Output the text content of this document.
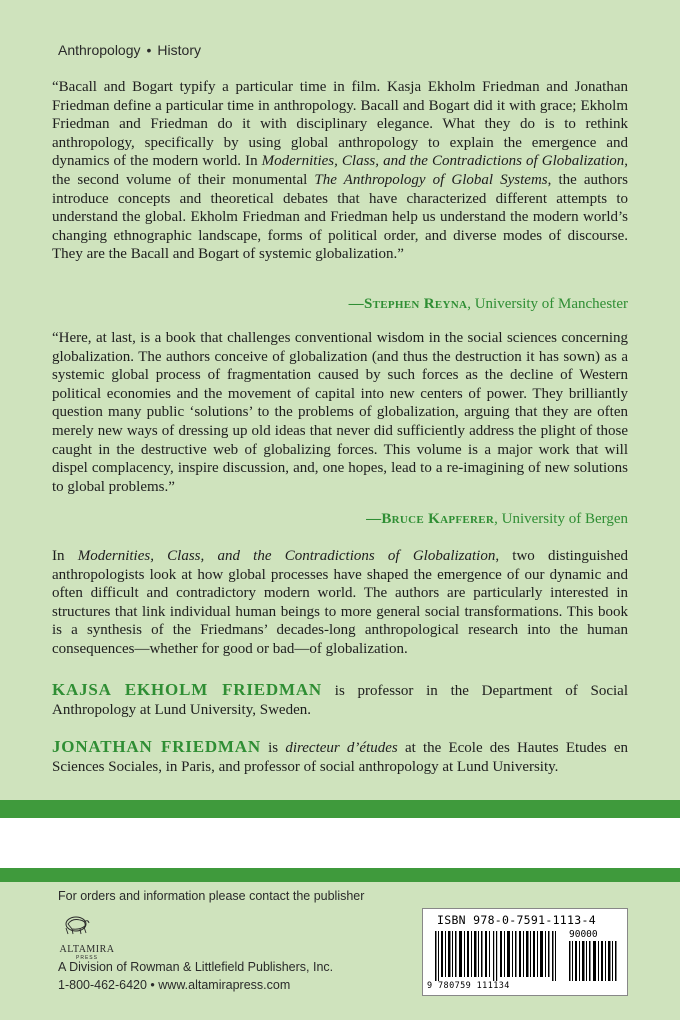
Anthropology • History

“Bacall and Bogart typify a particular time in film. Kasja Ekholm Friedman and Jonathan Friedman define a particular time in anthropology. Bacall and Bogart did it with grace; Ekholm Friedman and Friedman do it with disciplinary elegance. What they do is to rethink anthropology, specifically by using global anthropology to explain the emergence and dynamics of the modern world. In Modernities, Class, and the Contradictions of Globalization, the second volume of their monumental The Anthropology of Global Systems, the authors introduce concepts and theoretical debates that have characterized different attempts to understand the global. Ekholm Friedman and Friedman help us understand the modern world’s changing ethnographic landscape, forms of political order, and diverse modes of discourse. They are the Bacall and Bogart of systemic globalization.”

—Stephen Reyna, University of Manchester

“Here, at last, is a book that challenges conventional wisdom in the social sciences concerning globalization. The authors conceive of globalization (and thus the destruction it has sown) as a systemic global process of fragmentation caused by such forces as the decline of Western political economies and the movement of capital into new centers of power. They brilliantly question many public ‘solutions’ to the problems of globalization, arguing that they are often merely new ways of dressing up old ideas that never did sufficiently address the plight of those caught in the destructive web of globalizing forces. This volume is a major work that will dispel complacency, inspire discussion, and, one hopes, lead to a re-imagining of new solutions to global problems.”

—Bruce Kapferer, University of Bergen

In Modernities, Class, and the Contradictions of Globalization, two distinguished anthropologists look at how global processes have shaped the emergence of our dynamic and often difficult and contradictory modern world. The authors are particularly interested in structures that link individual human beings to more general social transformations. This book is a synthesis of the Friedmans’ decades-long anthropological research into the human consequences—whether for good or bad—of globalization.

KAJSA EKHOLM FRIEDMAN is professor in the Department of Social Anthropology at Lund University, Sweden.

JONATHAN FRIEDMAN is directeur d’études at the Ecole des Hautes Etudes en Sciences Sociales, in Paris, and professor of social anthropology at Lund University.

For orders and information please contact the publisher

ALTAMIRA
PRESS

A Division of Rowman & Littlefield Publishers, Inc.

1-800-462-6420 • www.altamirapress.com

ISBN 978-0-7591-1113-4
90000
9 780759 111134
